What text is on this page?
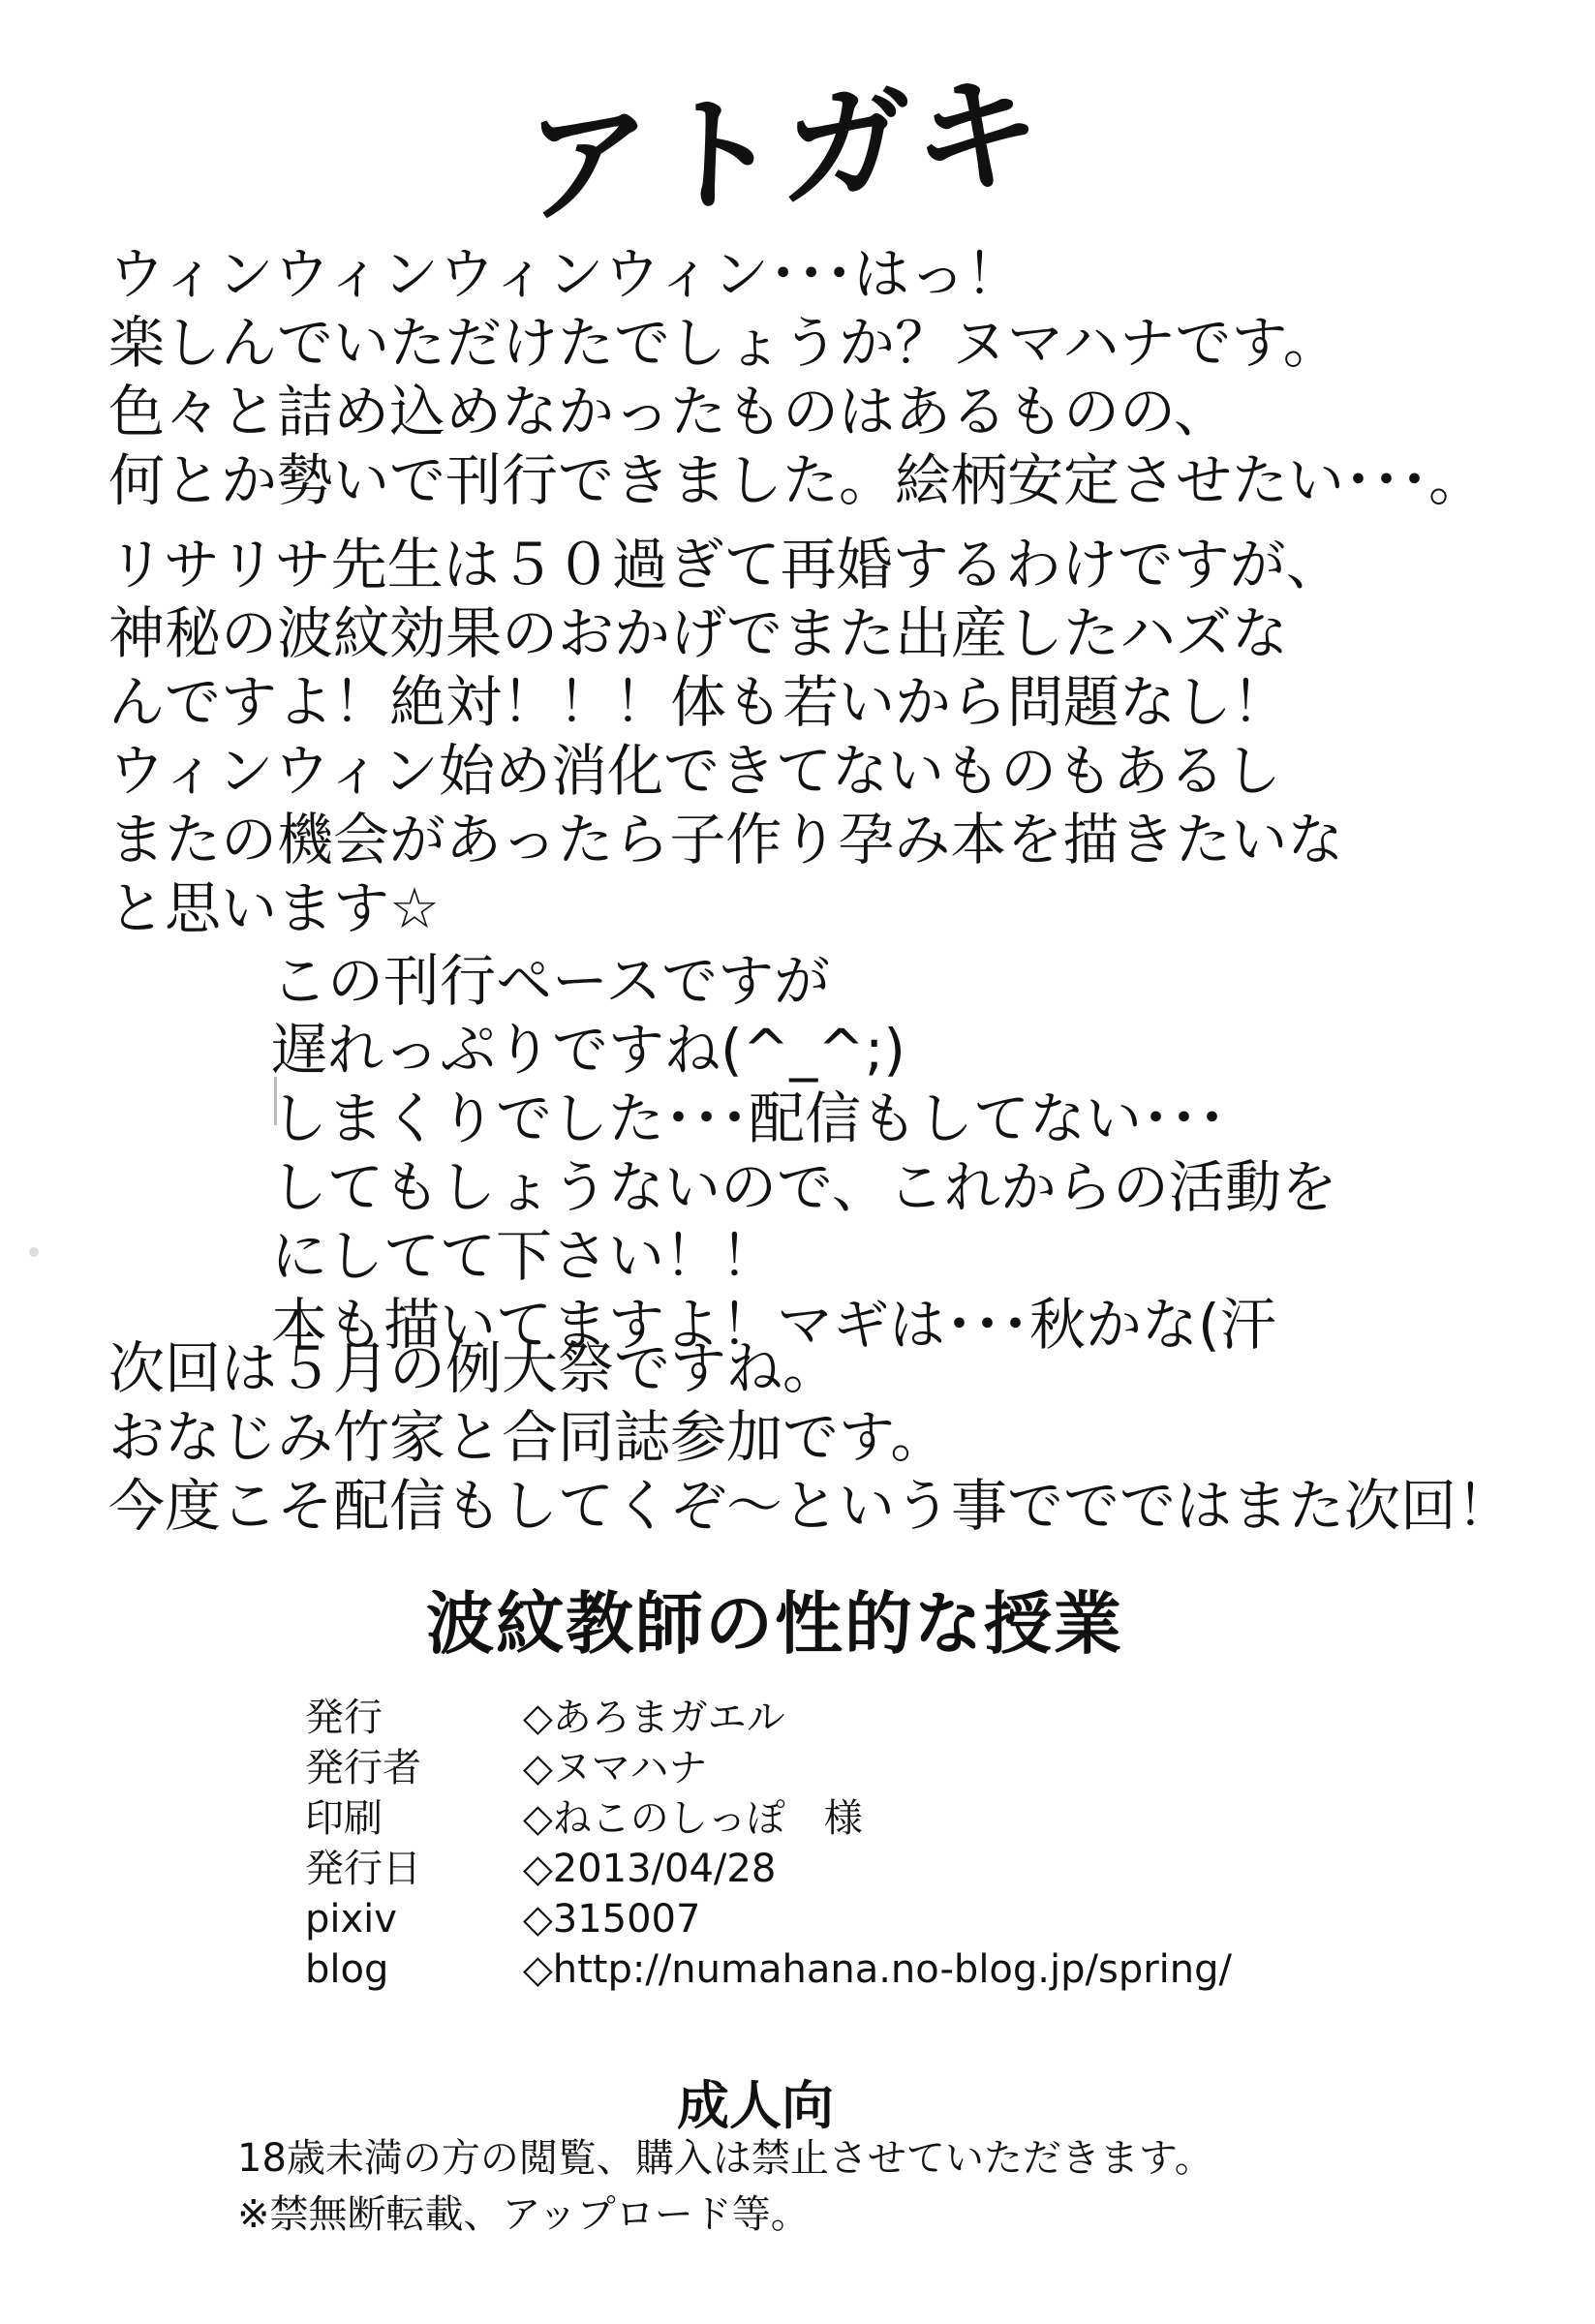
アトガキ
ウィンウィンウィンウィン･･･はっ！
楽しんでいただけたでしょうか？ヌマハナです。
色々と詰め込めなかったものはあるものの、
何とか勢いで刊行できました。絵柄安定させたい･･･。
リサリサ先生は５０過ぎて再婚するわけですが、
神秘の波紋効果のおかげでまた出産したハズな
んですよ！絶対！！！体も若いから問題なし！
ウィンウィン始め消化できてないものもあるし
またの機会があったら子作り孕み本を描きたいな
と思います☆
この刊行ペースですが
遅れっぷりですね(^_^;)
しまくりでした･･･配信もしてない･･･
してもしょうないので、これからの活動を
にしてて下さい！！
本も描いてますよ！マギは･･･秋かな(汗
次回は５月の例大祭ですね。
おなじみ竹家と合同誌参加です。
今度こそ配信もしてくぞ～という事ででではまた次回！
波紋教師の性的な授業
発行	◇あろまガエル
発行者	◇ヌマハナ
印刷	◇ねこのしっぽ　様
発行日	◇2013/04/28
pixiv	◇315007
blog	◇http://numahana.no-blog.jp/spring/
成人向
18歳未満の方の閲覧、購入は禁止させていただきます。
※禁無断転載、アップロード等。
